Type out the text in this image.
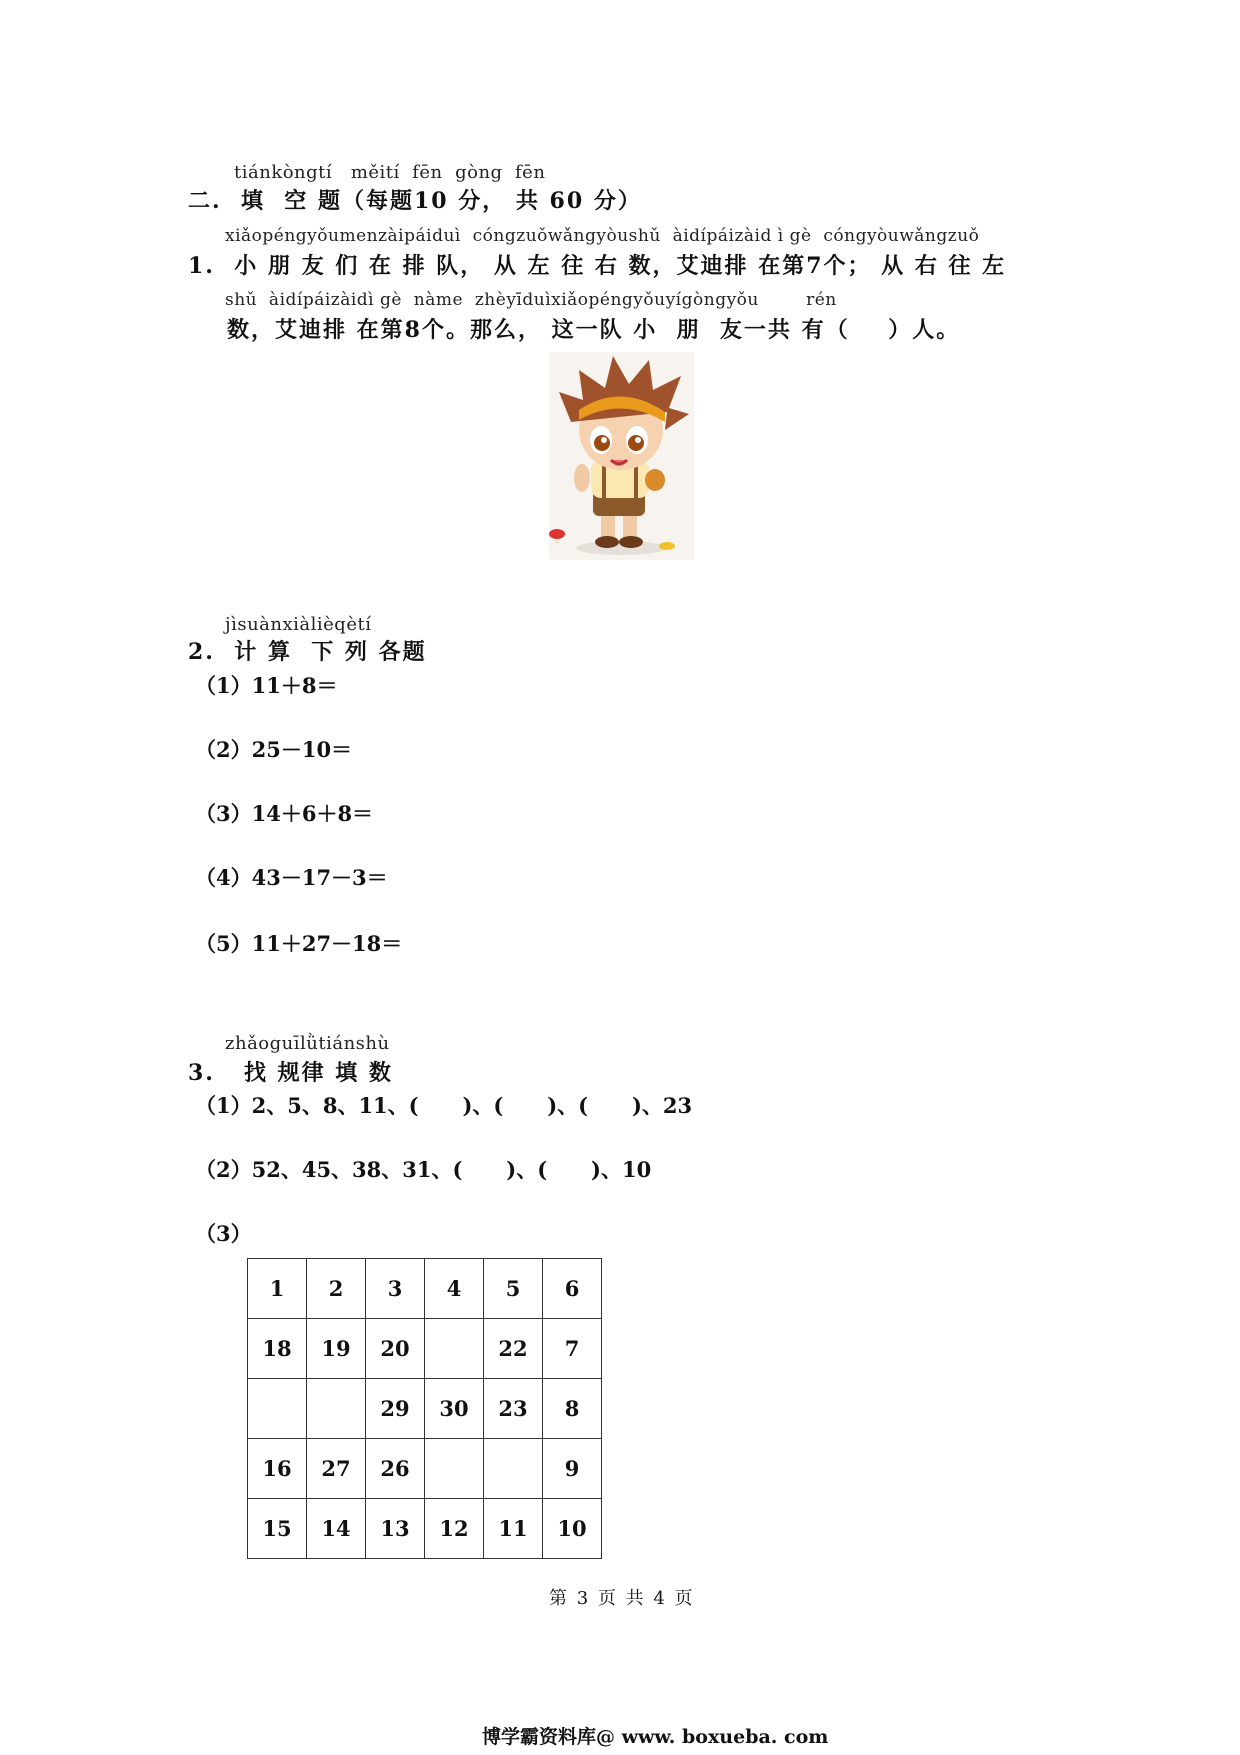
tiánkòngtí   měití  fēn  gòng  fēn
二.  填  空 题（每题10 分， 共 60 分）
xiǎopéngyǒumenzàipáiduì  cóngzuǒwǎngyòushǔ  àidípáizàid ì gè  cóngyòuwǎngzuǒ
1.  小 朋 友 们 在 排 队， 从 左 往 右 数，艾迪排 在第7个； 从 右 往 左
shǔ  àidípáizàidì gè  nàme  zhèyīduìxiǎopéngyǒuyígòngyǒu        rén
数，艾迪排 在第8个。那么， 这一队 小  朋  友一共 有（    ）人。
jìsuànxiàlièqètí
2.  计 算  下 列 各题
（1）11＋8＝
（2）25－10＝
（3）14＋6＋8＝
（4）43－17－3＝
（5）11＋27－18＝
zhǎoguīlǜtiánshù
3.   找 规律 填 数
（1）2、5、8、11、(      )、(      )、(      )、23
（2）52、45、38、31、(      )、(      )、10
（3）
1	2	3	4	5	6
18	19	20		22	7
		29	30	23	8
16	27	26			9
15	14	13	12	11	10
第 3 页 共 4 页
博学霸资料库@ www. boxueba. com
